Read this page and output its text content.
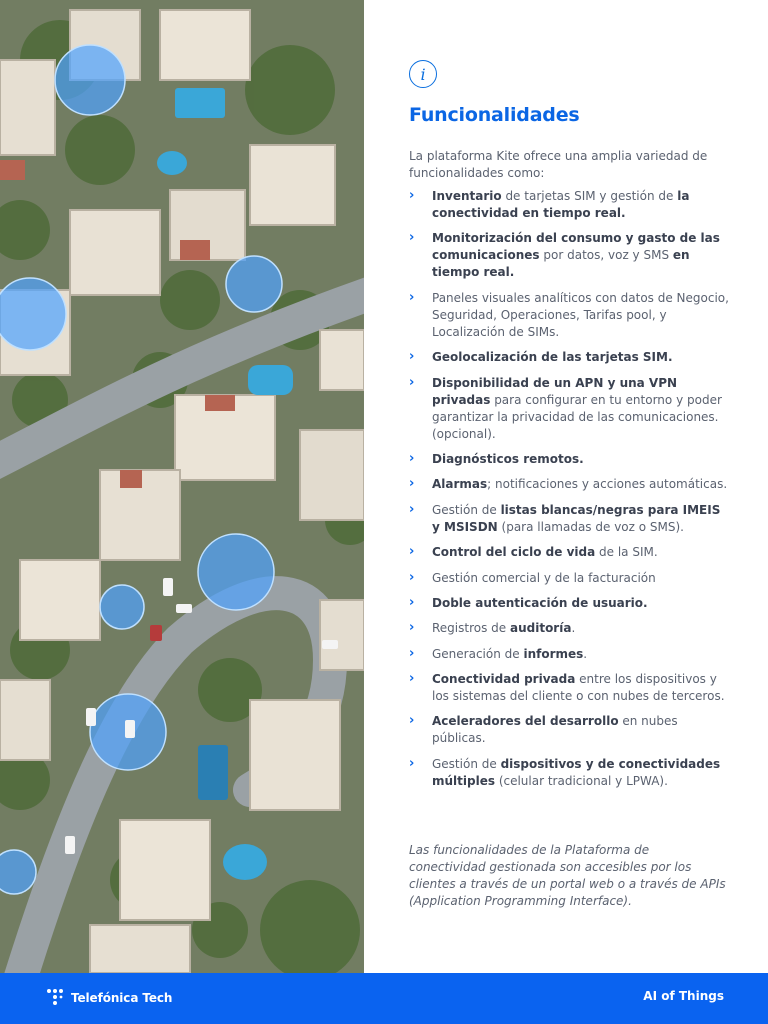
i
Funcionalidades

La plataforma Kite ofrece una amplia variedad de funcionalidades como:

› Inventario de tarjetas SIM y gestión de la conectividad en tiempo real.
› Monitorización del consumo y gasto de las comunicaciones por datos, voz y SMS en tiempo real.
› Paneles visuales analíticos con datos de Negocio, Seguridad, Operaciones, Tarifas pool, y Localización de SIMs.
› Geolocalización de las tarjetas SIM.
› Disponibilidad de un APN y una VPN privadas para configurar en tu entorno y poder garantizar la privacidad de las comunicaciones.(opcional).
› Diagnósticos remotos.
› Alarmas; notificaciones y acciones automáticas.
› Gestión de listas blancas/negras para IMEIS y MSISDN (para llamadas de voz o SMS).
› Control del ciclo de vida de la SIM.
› Gestión comercial y de la facturación
› Doble autenticación de usuario.
› Registros de auditoría.
› Generación de informes.
› Conectividad privada entre los dispositivos y los sistemas del cliente o con nubes de terceros.
› Aceleradores del desarrollo en nubes públicas.
› Gestión de dispositivos y de conectividades múltiples (celular tradicional y LPWA).

Las funcionalidades de la Plataforma de conectividad gestionada son accesibles por los clientes a través de un portal web o a través de APIs (Application Programming Interface).

Telefónica Tech	AI of Things
